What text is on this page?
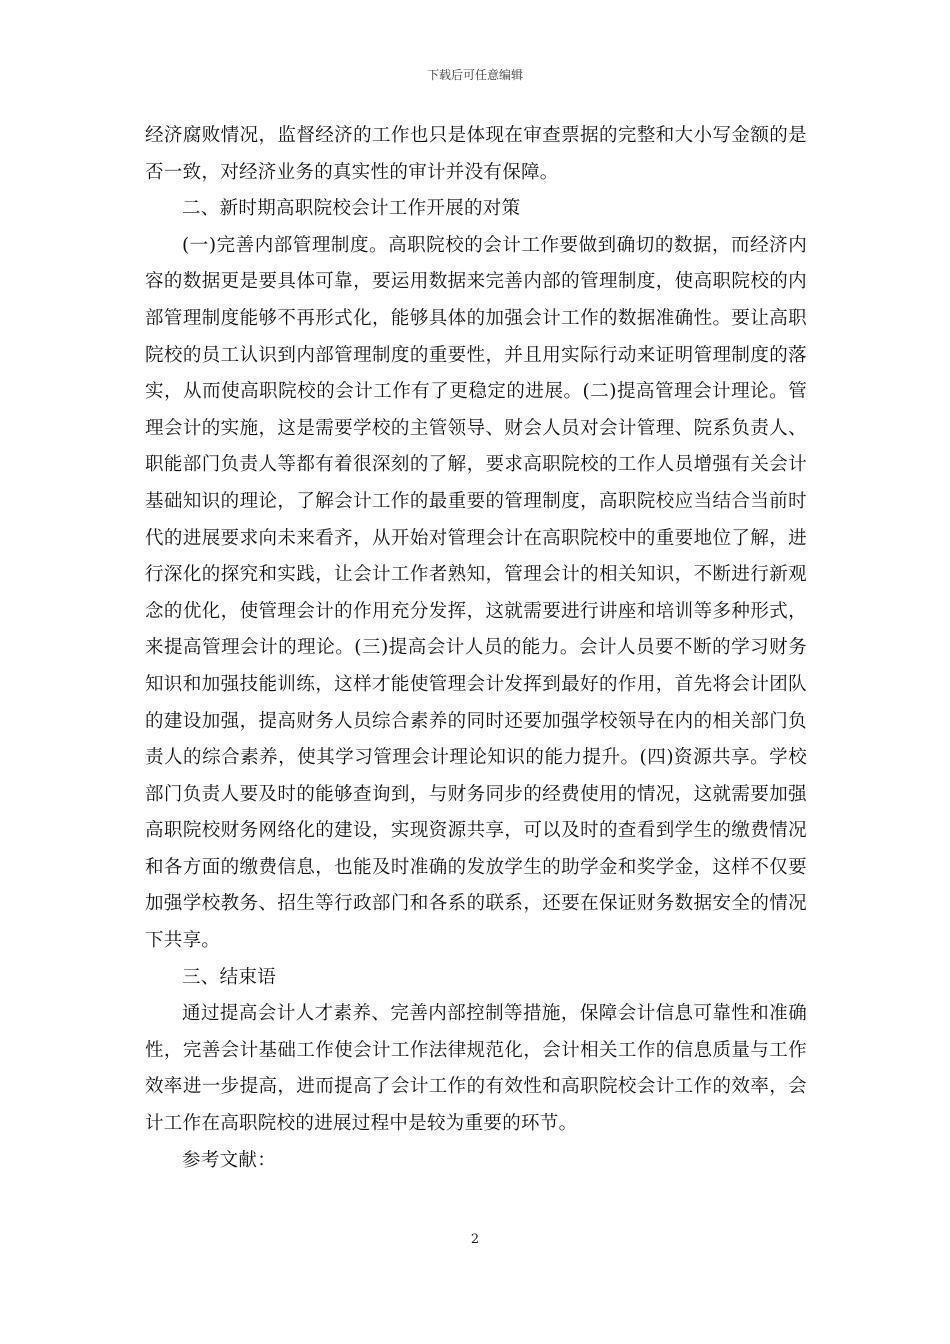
下载后可任意编辑

经济腐败情况，监督经济的工作也只是体现在审查票据的完整和大小写金额的是否一致，对经济业务的真实性的审计并没有保障。

二、新时期高职院校会计工作开展的对策

(一)完善内部管理制度。高职院校的会计工作要做到确切的数据，而经济内容的数据更是要具体可靠，要运用数据来完善内部的管理制度，使高职院校的内部管理制度能够不再形式化，能够具体的加强会计工作的数据准确性。要让高职院校的员工认识到内部管理制度的重要性，并且用实际行动来证明管理制度的落实，从而使高职院校的会计工作有了更稳定的进展。(二)提高管理会计理论。管理会计的实施，这是需要学校的主管领导、财会人员对会计管理、院系负责人、职能部门负责人等都有着很深刻的了解，要求高职院校的工作人员增强有关会计基础知识的理论，了解会计工作的最重要的管理制度，高职院校应当结合当前时代的进展要求向未来看齐，从开始对管理会计在高职院校中的重要地位了解，进行深化的探究和实践，让会计工作者熟知，管理会计的相关知识，不断进行新观念的优化，使管理会计的作用充分发挥，这就需要进行讲座和培训等多种形式，来提高管理会计的理论。(三)提高会计人员的能力。会计人员要不断的学习财务知识和加强技能训练，这样才能使管理会计发挥到最好的作用，首先将会计团队的建设加强，提高财务人员综合素养的同时还要加强学校领导在内的相关部门负责人的综合素养，使其学习管理会计理论知识的能力提升。(四)资源共享。学校部门负责人要及时的能够查询到，与财务同步的经费使用的情况，这就需要加强高职院校财务网络化的建设，实现资源共享，可以及时的查看到学生的缴费情况和各方面的缴费信息，也能及时准确的发放学生的助学金和奖学金，这样不仅要加强学校教务、招生等行政部门和各系的联系，还要在保证财务数据安全的情况下共享。

三、结束语

通过提高会计人才素养、完善内部控制等措施，保障会计信息可靠性和准确性，完善会计基础工作使会计工作法律规范化，会计相关工作的信息质量与工作效率进一步提高，进而提高了会计工作的有效性和高职院校会计工作的效率，会计工作在高职院校的进展过程中是较为重要的环节。

参考文献：

2
